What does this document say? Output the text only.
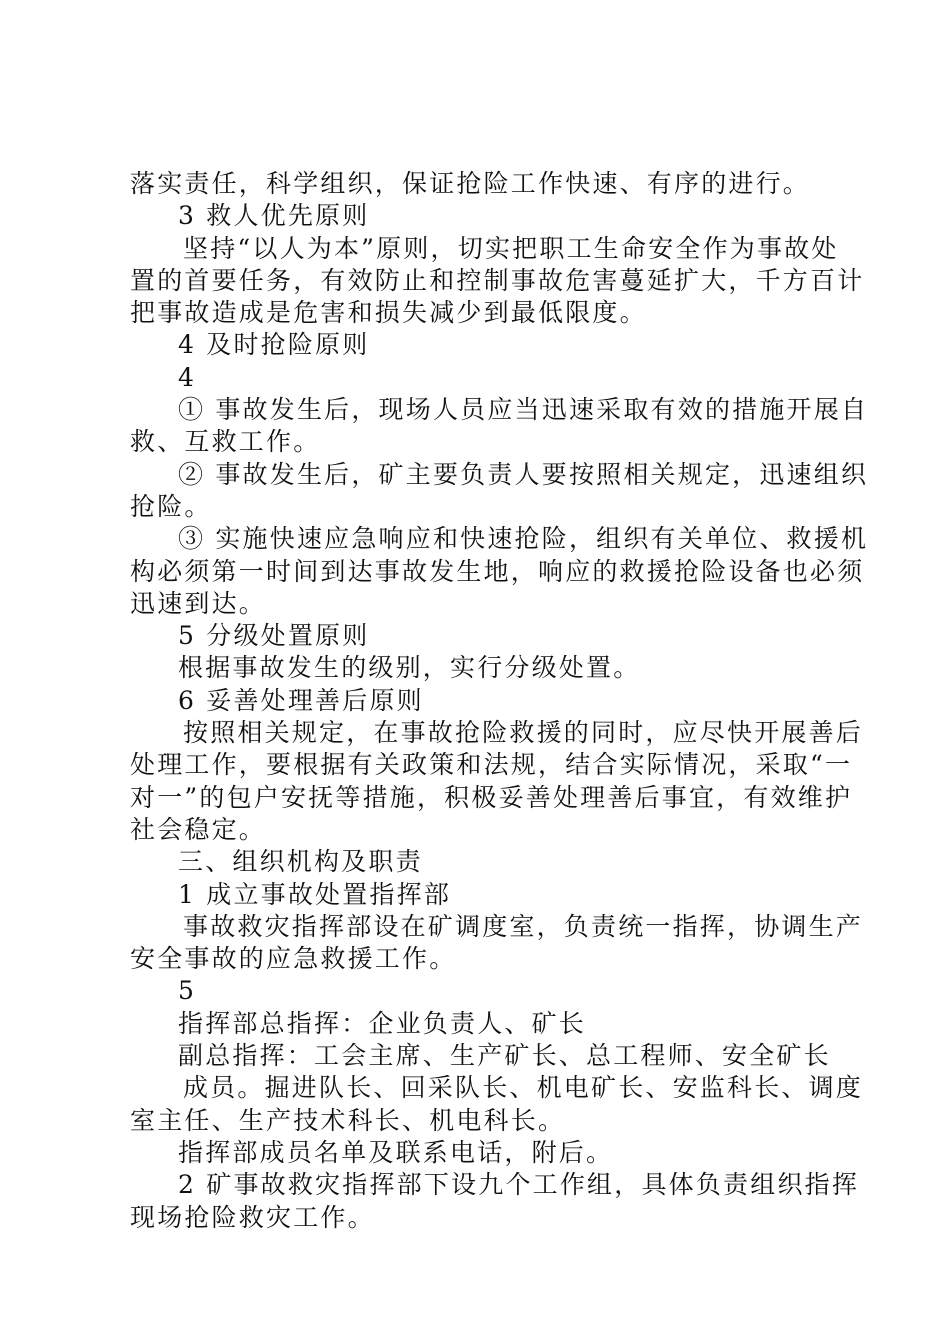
落实责任，科学组织，保证抢险工作快速、有序的进行。
3 救人优先原则
坚持“以人为本”原则，切实把职工生命安全作为事故处
置的首要任务，有效防止和控制事故危害蔓延扩大，千方百计
把事故造成是危害和损失减少到最低限度。
4 及时抢险原则
4
① 事故发生后，现场人员应当迅速采取有效的措施开展自
救、互救工作。
② 事故发生后，矿主要负责人要按照相关规定，迅速组织
抢险。
③ 实施快速应急响应和快速抢险，组织有关单位、救援机
构必须第一时间到达事故发生地，响应的救援抢险设备也必须
迅速到达。
5 分级处置原则
根据事故发生的级别，实行分级处置。
6 妥善处理善后原则
按照相关规定，在事故抢险救援的同时，应尽快开展善后
处理工作，要根据有关政策和法规，结合实际情况，采取“一
对一”的包户安抚等措施，积极妥善处理善后事宜，有效维护
社会稳定。
三、组织机构及职责
1 成立事故处置指挥部
事故救灾指挥部设在矿调度室，负责统一指挥，协调生产
安全事故的应急救援工作。
5
指挥部总指挥：企业负责人、矿长
副总指挥：工会主席、生产矿长、总工程师、安全矿长
成员。掘进队长、回采队长、机电矿长、安监科长、调度
室主任、生产技术科长、机电科长。
指挥部成员名单及联系电话，附后。
2 矿事故救灾指挥部下设九个工作组，具体负责组织指挥
现场抢险救灾工作。
